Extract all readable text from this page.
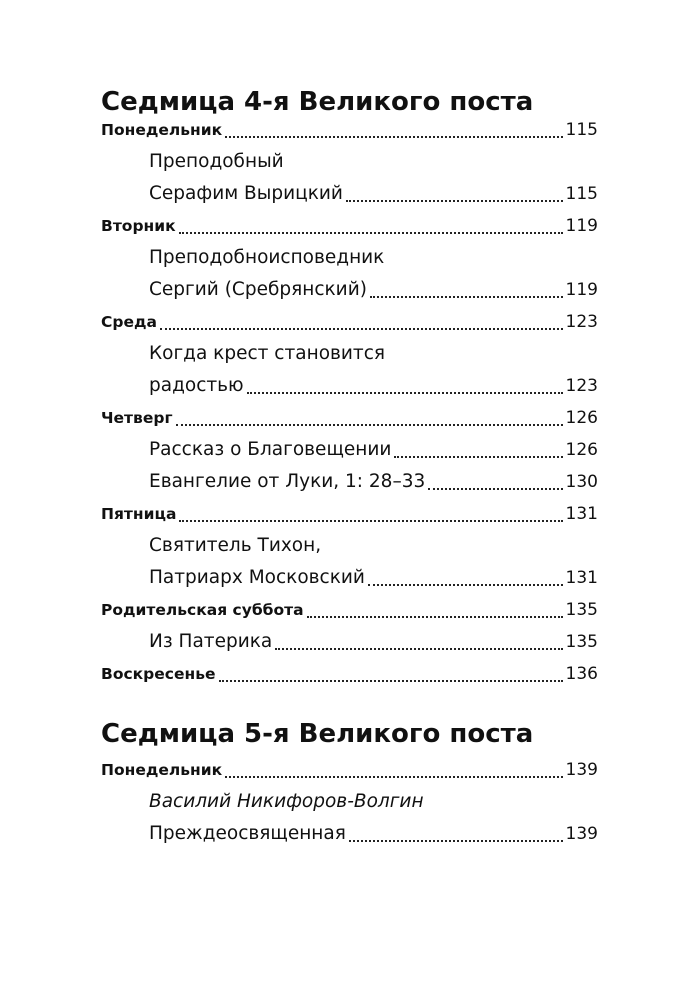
Седмица 4-я Великого поста
Понедельник	115
Преподобный
Серафим Вырицкий	115
Вторник	119
Преподобноисповедник
Сергий (Сребрянский)	119
Среда	123
Когда крест становится
радостью	123
Четверг	126
Рассказ о Благовещении	126
Евангелие от Луки, 1: 28–33	130
Пятница	131
Святитель Тихон,
Патриарх Московский	131
Родительская суббота	135
Из Патерика	135
Воскресенье	136
Седмица 5-я Великого поста
Понедельник	139
Василий Никифоров-Волгин
Преждеосвященная	139
